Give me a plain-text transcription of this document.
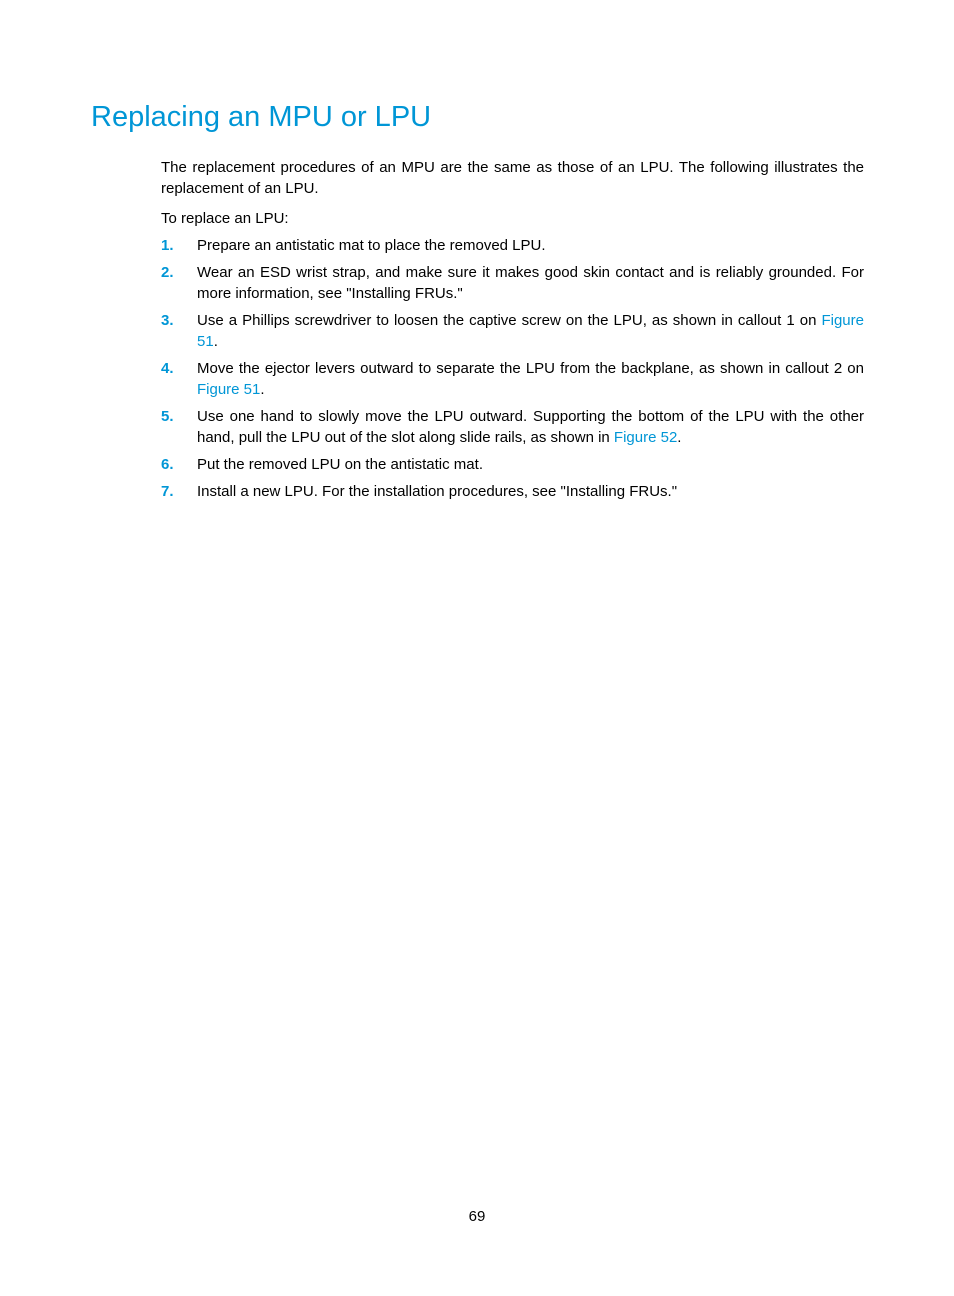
Replacing an MPU or LPU

The replacement procedures of an MPU are the same as those of an LPU. The following illustrates the replacement of an LPU.

To replace an LPU:

1. Prepare an antistatic mat to place the removed LPU.
2. Wear an ESD wrist strap, and make sure it makes good skin contact and is reliably grounded. For more information, see "Installing FRUs."
3. Use a Phillips screwdriver to loosen the captive screw on the LPU, as shown in callout 1 on Figure 51.
4. Move the ejector levers outward to separate the LPU from the backplane, as shown in callout 2 on Figure 51.
5. Use one hand to slowly move the LPU outward. Supporting the bottom of the LPU with the other hand, pull the LPU out of the slot along slide rails, as shown in Figure 52.
6. Put the removed LPU on the antistatic mat.
7. Install a new LPU. For the installation procedures, see "Installing FRUs."
69
